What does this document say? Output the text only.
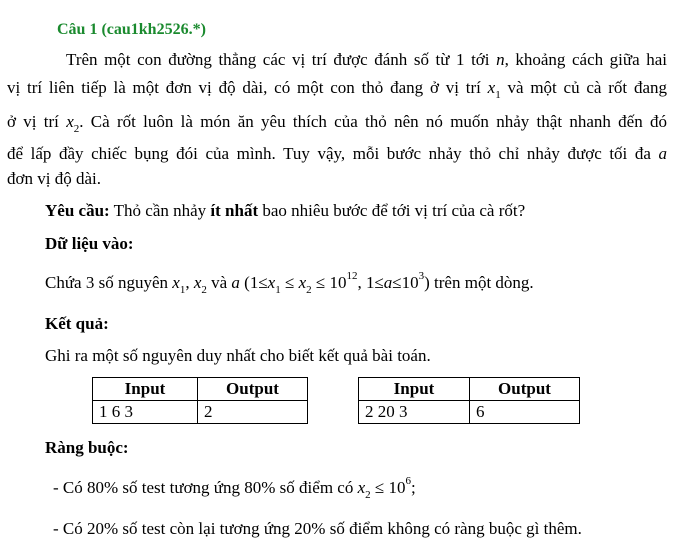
Câu 1 (cau1kh2526.*)
Trên một con đường thẳng các vị trí được đánh số từ 1 tới n, khoảng cách giữa hai
vị trí liên tiếp là một đơn vị độ dài, có một con thỏ đang ở vị trí $x_1$ và một củ cà rốt đang
ở vị trí $x_2$. Cà rốt luôn là món ăn yêu thích của thỏ nên nó muốn nhảy thật nhanh đến đó
để lấp đầy chiếc bụng đói của mình. Tuy vậy, mỗi bước nhảy thỏ chỉ nhảy được tối đa a
đơn vị độ dài.
Yêu cầu: Thỏ cần nhảy ít nhất bao nhiêu bước để tới vị trí của cà rốt?
Dữ liệu vào:
Chứa 3 số nguyên $x_1$, $x_2$ và a ($1\le x_1 \le x_2 \le 10^{12}$, $1\le a\le 10^3$) trên một dòng.
Kết quả:
Ghi ra một số nguyên duy nhất cho biết kết quả bài toán.
Input	Output
1 6 3	2
Input	Output
2 20 3	6
Ràng buộc:
- Có 80% số test tương ứng 80% số điểm có $x_2 \le 10^6$;
- Có 20% số test còn lại tương ứng 20% số điểm không có ràng buộc gì thêm.
